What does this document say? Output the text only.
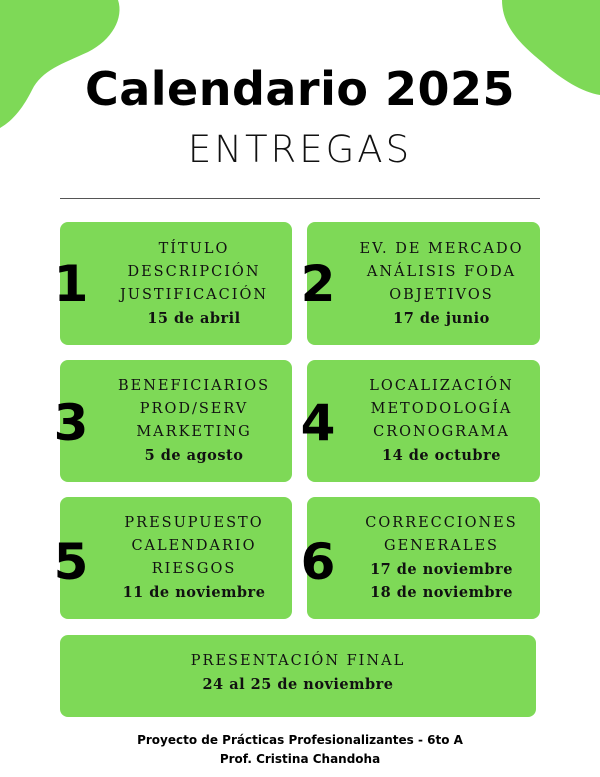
Calendario 2025
ENTREGAS
1
TÍTULO
DESCRIPCIÓN
JUSTIFICACIÓN
15 de abril
2
EV. DE MERCADO
ANÁLISIS FODA
OBJETIVOS
17 de junio
3
BENEFICIARIOS
PROD/SERV
MARKETING
5 de agosto
4
LOCALIZACIÓN
METODOLOGÍA
CRONOGRAMA
14 de octubre
5
PRESUPUESTO
CALENDARIO
RIESGOS
11 de noviembre
6
CORRECCIONES
GENERALES
17 de noviembre
18 de noviembre
PRESENTACIÓN FINAL
24 al 25 de noviembre
Proyecto de Prácticas Profesionalizantes - 6to A
Prof. Cristina Chandoha
